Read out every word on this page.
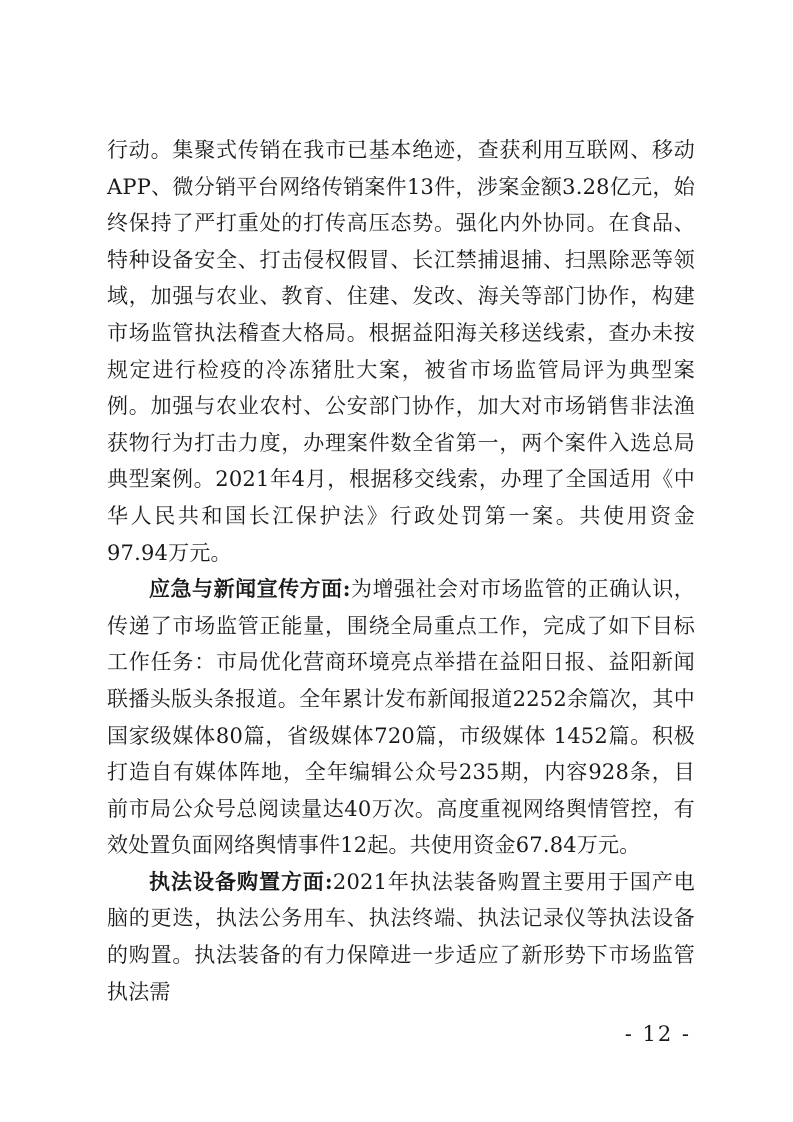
行动。集聚式传销在我市已基本绝迹，查获利用互联网、移动APP、微分销平台网络传销案件13件，涉案金额3.28亿元，始终保持了严打重处的打传高压态势。强化内外协同。在食品、特种设备安全、打击侵权假冒、长江禁捕退捕、扫黑除恶等领域，加强与农业、教育、住建、发改、海关等部门协作，构建市场监管执法稽查大格局。根据益阳海关移送线索，查办未按规定进行检疫的冷冻猪肚大案，被省市场监管局评为典型案例。加强与农业农村、公安部门协作，加大对市场销售非法渔获物行为打击力度，办理案件数全省第一，两个案件入选总局典型案例。2021年4月，根据移交线索，办理了全国适用《中华人民共和国长江保护法》行政处罚第一案。共使用资金97.94万元。

应急与新闻宣传方面:为增强社会对市场监管的正确认识，传递了市场监管正能量，围绕全局重点工作，完成了如下目标工作任务：市局优化营商环境亮点举措在益阳日报、益阳新闻联播头版头条报道。全年累计发布新闻报道2252余篇次，其中国家级媒体80篇，省级媒体720篇，市级媒体 1452篇。积极打造自有媒体阵地，全年编辑公众号235期，内容928条，目前市局公众号总阅读量达40万次。高度重视网络舆情管控，有效处置负面网络舆情事件12起。共使用资金67.84万元。

执法设备购置方面:2021年执法装备购置主要用于国产电脑的更迭，执法公务用车、执法终端、执法记录仪等执法设备的购置。执法装备的有力保障进一步适应了新形势下市场监管执法需

- 12 -
